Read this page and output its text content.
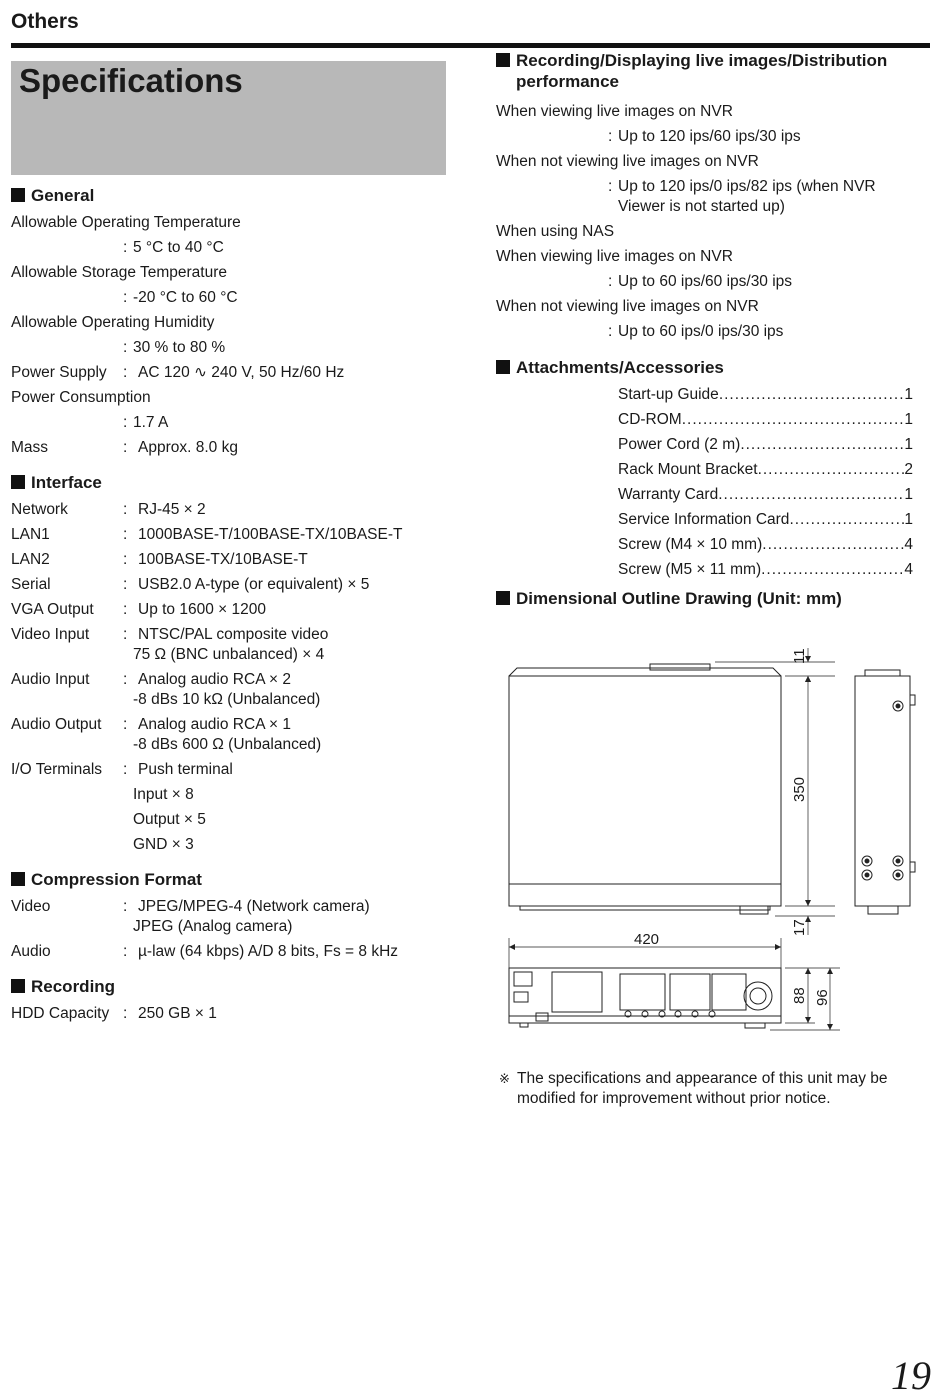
Others
Specifications
General
Allowable Operating Temperature
: 5 °C to 40 °C
Allowable Storage Temperature
: -20 °C to 60 °C
Allowable Operating Humidity
: 30 % to 80 %
Power Supply : AC 120 ∿ 240 V, 50 Hz/60 Hz
Power Consumption
: 1.7 A
Mass	: Approx. 8.0 kg
Interface
Network	: RJ-45 × 2
LAN1	: 1000BASE-T/100BASE-TX/10BASE-T
LAN2	: 100BASE-TX/10BASE-T
Serial	: USB2.0 A-type (or equivalent) × 5
VGA Output : Up to 1600 × 1200
Video Input : NTSC/PAL composite video
75 Ω (BNC unbalanced) × 4
Audio Input : Analog audio RCA × 2
-8 dBs 10 kΩ (Unbalanced)
Audio Output : Analog audio RCA × 1
-8 dBs 600 Ω (Unbalanced)
I/O Terminals : Push terminal
Input × 8
Output × 5
GND × 3
Compression Format
Video	: JPEG/MPEG-4 (Network camera)
JPEG (Analog camera)
Audio	: µ-law (64 kbps) A/D 8 bits, Fs = 8 kHz
Recording
HDD Capacity : 250 GB × 1
Recording/Displaying live images/Distribution
performance
When viewing live images on NVR
: Up to 120 ips/60 ips/30 ips
When not viewing live images on NVR
: Up to 120 ips/0 ips/82 ips (when NVR
Viewer is not started up)
When using NAS
When viewing live images on NVR
: Up to 60 ips/60 ips/30 ips
When not viewing live images on NVR
: Up to 60 ips/0 ips/30 ips
Attachments/Accessories
Start-up Guide .....	1
CD-ROM .....	1
Power Cord (2 m) .....	1
Rack Mount Bracket .....	2
Warranty Card .....	1
Service Information Card .....	1
Screw (M4 × 10 mm) .....	4
Screw (M5 × 11 mm) .....	4
Dimensional Outline Drawing (Unit: mm)
11
350
17
420
88 96
※ The specifications and appearance of this unit may be modified for improvement without prior notice.
19
